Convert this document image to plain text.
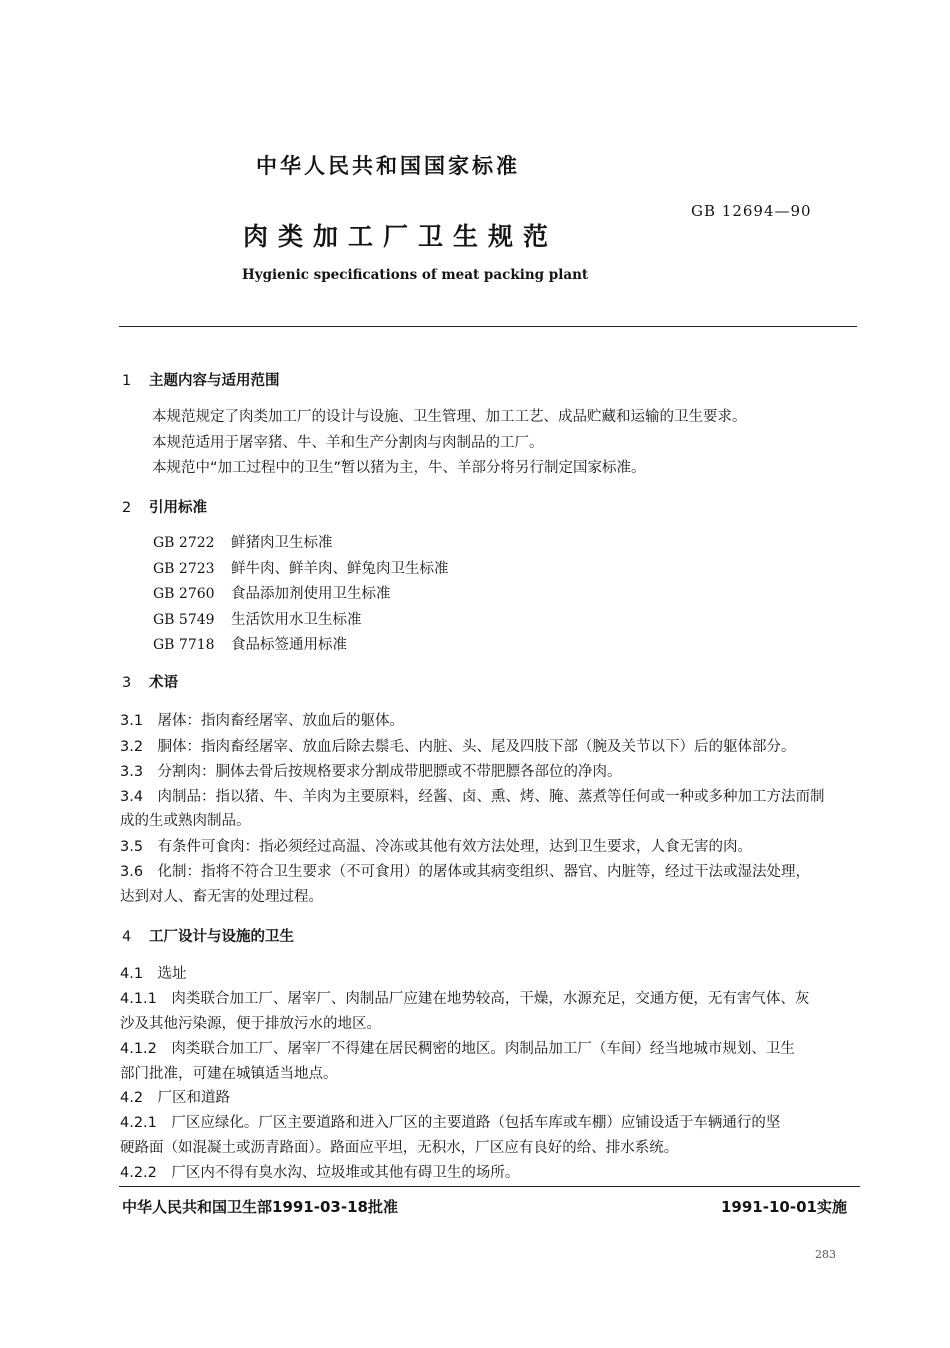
中华人民共和国国家标准
GB 12694—90
肉类加工厂卫生规范
Hygienic specifications of meat packing plant
1 主题内容与适用范围
本规范规定了肉类加工厂的设计与设施、卫生管理、加工工艺、成品贮藏和运输的卫生要求。
本规范适用于屠宰猪、牛、羊和生产分割肉与肉制品的工厂。
本规范中“加工过程中的卫生”暂以猪为主，牛、羊部分将另行制定国家标准。
2 引用标准
GB 2722 鲜猪肉卫生标准
GB 2723 鲜牛肉、鲜羊肉、鲜兔肉卫生标准
GB 2760 食品添加剂使用卫生标准
GB 5749 生活饮用水卫生标准
GB 7718 食品标签通用标准
3 术语
3.1　屠体：指肉畜经屠宰、放血后的躯体。
3.2　胴体：指肉畜经屠宰、放血后除去鬃毛、内脏、头、尾及四肢下部（腕及关节以下）后的躯体部分。
3.3　分割肉：胴体去骨后按规格要求分割成带肥膘或不带肥膘各部位的净肉。
3.4　肉制品：指以猪、牛、羊肉为主要原料，经酱、卤、熏、烤、腌、蒸煮等任何或一种或多种加工方法而制
成的生或熟肉制品。
3.5　有条件可食肉：指必须经过高温、冷冻或其他有效方法处理，达到卫生要求，人食无害的肉。
3.6　化制：指将不符合卫生要求（不可食用）的屠体或其病变组织、器官、内脏等，经过干法或湿法处理，
达到对人、畜无害的处理过程。
4 工厂设计与设施的卫生
4.1　选址
4.1.1　肉类联合加工厂、屠宰厂、肉制品厂应建在地势较高，干燥，水源充足，交通方便，无有害气体、灰
沙及其他污染源，便于排放污水的地区。
4.1.2　肉类联合加工厂、屠宰厂不得建在居民稠密的地区。肉制品加工厂（车间）经当地城市规划、卫生
部门批准，可建在城镇适当地点。
4.2　厂区和道路
4.2.1　厂区应绿化。厂区主要道路和进入厂区的主要道路（包括车库或车棚）应铺设适于车辆通行的坚
硬路面（如混凝土或沥青路面）。路面应平坦，无积水，厂区应有良好的给、排水系统。
4.2.2　厂区内不得有臭水沟、垃圾堆或其他有碍卫生的场所。
中华人民共和国卫生部1991-03-18批准	1991-10-01实施
283
